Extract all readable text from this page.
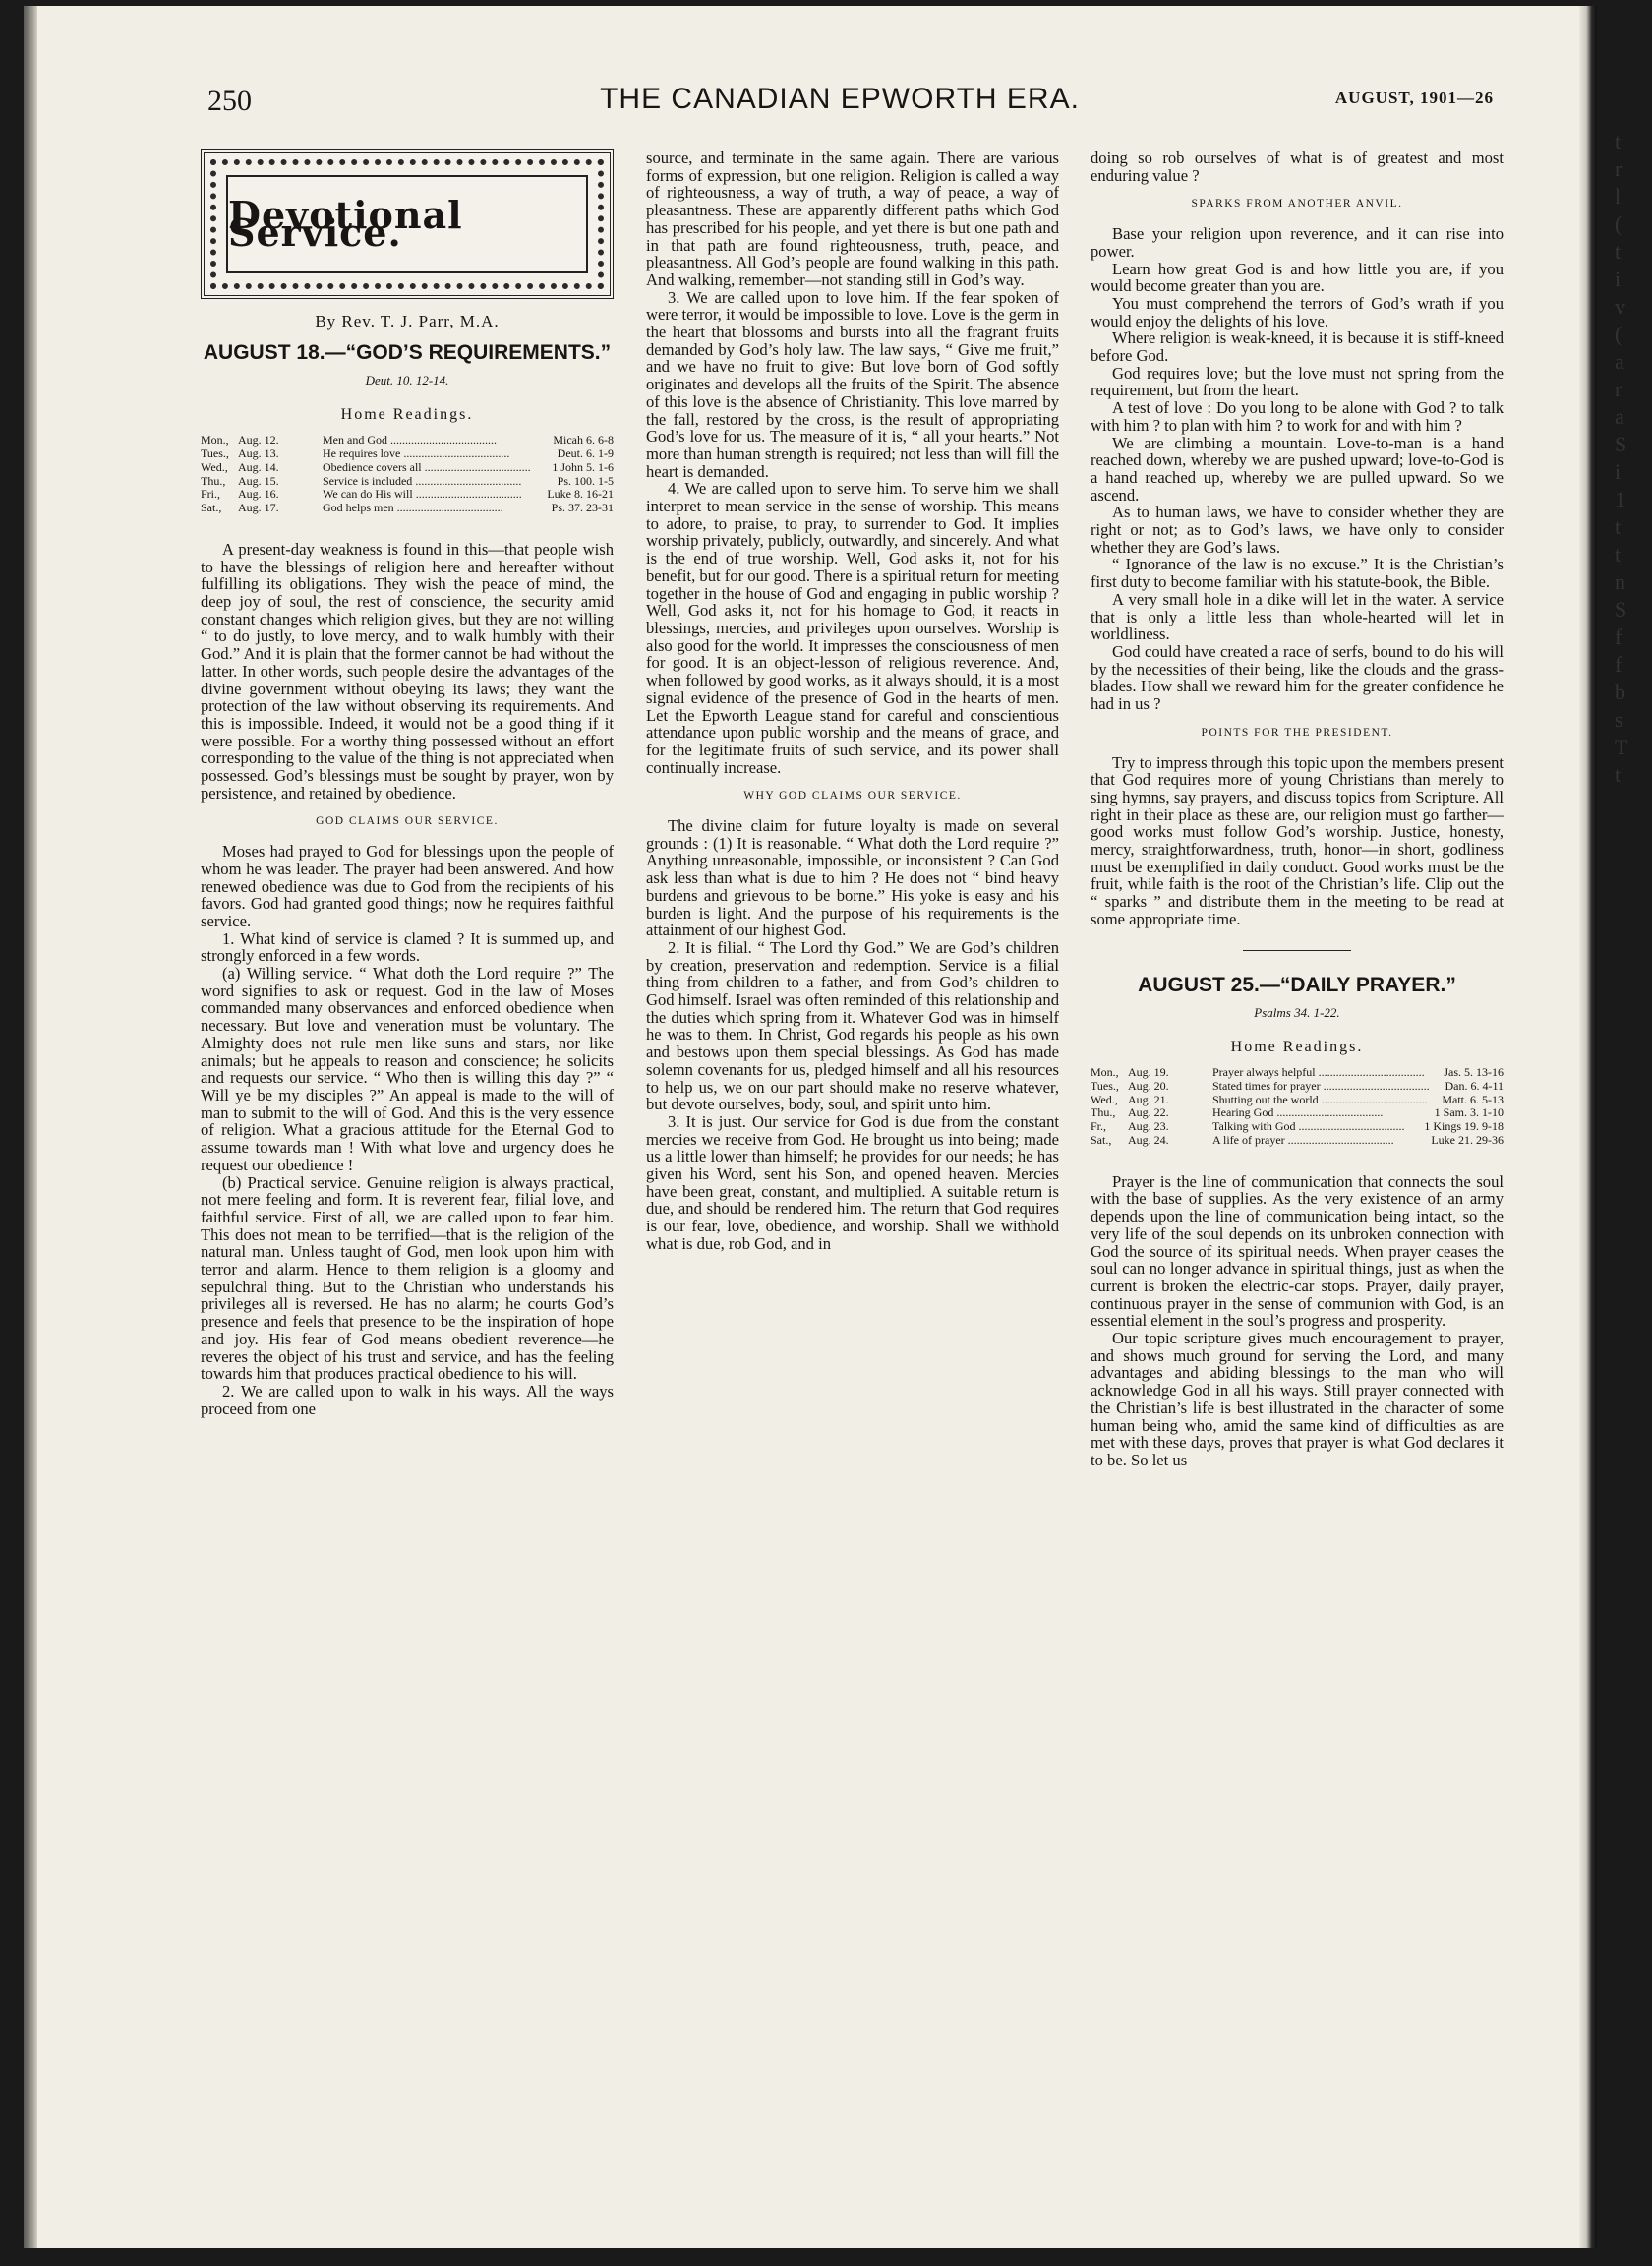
250	THE CANADIAN EPWORTH ERA.	AUGUST, 1901—26
Devotional Service.
By Rev. T. J. Parr, M.A.
AUGUST 18.—“GOD’S REQUIREMENTS.”
Deut. 10. 12-14.
Home Readings.
Mon., Aug. 12.	Men and God .....	Micah 6. 6-8
Tues., Aug. 13.	He requires love .....	Deut. 6. 1-9
Wed., Aug. 14.	Obedience covers all .....	1 John 5. 1-6
Thu.,	Aug. 15.	Service is included .....	Ps. 100. 1-5
Fri.,	Aug. 16.	We can do His will .....	Luke 8. 16-21
Sat.,	Aug. 17.	God helps men .....	Ps. 37. 23-31

A present-day weakness is found in this—that people wish to have the blessings of religion here and hereafter without fulfilling its obligations. They wish the peace of mind, the deep joy of soul, the rest of conscience, the security amid constant changes which religion gives, but they are not willing “ to do justly, to love mercy, and to walk humbly with their God.” And it is plain that the former cannot be had without the latter. In other words, such people desire the advantages of the divine government without obeying its laws; they want the protection of the law without observing its requirements. And this is impossible. Indeed, it would not be a good thing if it were possible. For a worthy thing possessed without an effort corresponding to the value of the thing is not appreciated when possessed. God’s blessings must be sought by prayer, won by persistence, and retained by obedience.

GOD CLAIMS OUR SERVICE.

Moses had prayed to God for blessings upon the people of whom he was leader. The prayer had been answered. And how renewed obedience was due to God from the recipients of his favors. God had granted good things; now he requires faithful service.

1. What kind of service is clamed ? It is summed up, and strongly enforced in a few words.

(a) Willing service. “ What doth the Lord require ?” The word signifies to ask or request. God in the law of Moses commanded many observances and enforced obedience when necessary. But love and veneration must be voluntary. The Almighty does not rule men like suns and stars, nor like animals; but he appeals to reason and conscience; he solicits and requests our service. “ Who then is willing this day ?” “ Will ye be my disciples ?” An appeal is made to the will of man to submit to the will of God. And this is the very essence of religion. What a gracious attitude for the Eternal God to assume towards man ! With what love and urgency does he request our obedience !

(b) Practical service. Genuine religion is always practical, not mere feeling and form. It is reverent fear, filial love, and faithful service. First of all, we are called upon to fear him. This does not mean to be terrified—that is the religion of the natural man. Unless taught of God, men look upon him with terror and alarm. Hence to them religion is a gloomy and sepulchral thing. But to the Christian who understands his privileges all is reversed. He has no alarm; he courts God’s presence and feels that presence to be the inspiration of hope and joy. His fear of God means obedient reverence—he reveres the object of his trust and service, and has the feeling towards him that produces practical obedience to his will.

2. We are called upon to walk in his ways. All the ways proceed from one

source, and terminate in the same again. There are various forms of expression, but one religion. Religion is called a way of righteousness, a way of truth, a way of peace, a way of pleasantness. These are apparently different paths which God has prescribed for his people, and yet there is but one path and in that path are found righteousness, truth, peace, and pleasantness. All God’s people are found walking in this path. And walking, remember—not standing still in God’s way.

3. We are called upon to love him. If the fear spoken of were terror, it would be impossible to love. Love is the germ in the heart that blossoms and bursts into all the fragrant fruits demanded by God’s holy law. The law says, “ Give me fruit,” and we have no fruit to give: But love born of God softly originates and develops all the fruits of the Spirit. The absence of this love is the absence of Christianity. This love marred by the fall, restored by the cross, is the result of appropriating God’s love for us. The measure of it is, “ all your hearts.” Not more than human strength is required; not less than will fill the heart is demanded.

4. We are called upon to serve him. To serve him we shall interpret to mean service in the sense of worship. This means to adore, to praise, to pray, to surrender to God. It implies worship privately, publicly, outwardly, and sincerely. And what is the end of true worship. Well, God asks it, not for his benefit, but for our good. There is a spiritual return for meeting together in the house of God and engaging in public worship ? Well, God asks it, not for his homage to God, it reacts in blessings, mercies, and privileges upon ourselves. Worship is also good for the world. It impresses the consciousness of men for good. It is an object-lesson of religious reverence. And, when followed by good works, as it always should, it is a most signal evidence of the presence of God in the hearts of men. Let the Epworth League stand for careful and conscientious attendance upon public worship and the means of grace, and for the legitimate fruits of such service, and its power shall continually increase.

WHY GOD CLAIMS OUR SERVICE.

The divine claim for future loyalty is made on several grounds : (1) It is reasonable. “ What doth the Lord require ?” Anything unreasonable, impossible, or inconsistent ? Can God ask less than what is due to him ? He does not “ bind heavy burdens and grievous to be borne.” His yoke is easy and his burden is light. And the purpose of his requirements is the attainment of our highest God.

2. It is filial. “ The Lord thy God.” We are God’s children by creation, preservation and redemption. Service is a filial thing from children to a father, and from God’s children to God himself. Israel was often reminded of this relationship and the duties which spring from it. Whatever God was in himself he was to them. In Christ, God regards his people as his own and bestows upon them special blessings. As God has made solemn covenants for us, pledged himself and all his resources to help us, we on our part should make no reserve whatever, but devote ourselves, body, soul, and spirit unto him.

3. It is just. Our service for God is due from the constant mercies we receive from God. He brought us into being; made us a little lower than himself; he provides for our needs; he has given his Word, sent his Son, and opened heaven. Mercies have been great, constant, and multiplied. A suitable return is due, and should be rendered him. The return that God requires is our fear, love, obedience, and worship. Shall we withhold what is due, rob God, and in

doing so rob ourselves of what is of greatest and most enduring value ?

SPARKS FROM ANOTHER ANVIL.

Base your religion upon reverence, and it can rise into power.

Learn how great God is and how little you are, if you would become greater than you are.

You must comprehend the terrors of God’s wrath if you would enjoy the delights of his love.

Where religion is weak-kneed, it is because it is stiff-kneed before God.

God requires love; but the love must not spring from the requirement, but from the heart.

A test of love : Do you long to be alone with God ? to talk with him ? to plan with him ? to work for and with him ?

We are climbing a mountain. Love-to-man is a hand reached down, whereby we are pushed upward; love-to-God is a hand reached up, whereby we are pulled upward. So we ascend.

As to human laws, we have to consider whether they are right or not; as to God’s laws, we have only to consider whether they are God’s laws.

“ Ignorance of the law is no excuse.” It is the Christian’s first duty to become familiar with his statute-book, the Bible.

A very small hole in a dike will let in the water. A service that is only a little less than whole-hearted will let in worldliness.

God could have created a race of serfs, bound to do his will by the necessities of their being, like the clouds and the grass-blades. How shall we reward him for the greater confidence he had in us ?

POINTS FOR THE PRESIDENT.

Try to impress through this topic upon the members present that God requires more of young Christians than merely to sing hymns, say prayers, and discuss topics from Scripture. All right in their place as these are, our religion must go farther—good works must follow God’s worship. Justice, honesty, mercy, straightforwardness, truth, honor—in short, godliness must be exemplified in daily conduct. Good works must be the fruit, while faith is the root of the Christian’s life. Clip out the “ sparks ” and distribute them in the meeting to be read at some appropriate time.

AUGUST 25.—“DAILY PRAYER.”
Psalms 34. 1-22.
Home Readings.
Mon., Aug. 19.	Prayer always helpful .....	Jas. 5. 13-16
Tues., Aug. 20.	Stated times for prayer .....	Dan. 6. 4-11
Wed., Aug. 21.	Shutting out the world .....	Matt. 6. 5-13
Thu.,	Aug. 22.	Hearing God .....	1 Sam. 3. 1-10
Fr.,	Aug. 23.	Talking with God .....	1 Kings 19. 9-18
Sat.,	Aug. 24.	A life of prayer .....	Luke 21. 29-36

Prayer is the line of communication that connects the soul with the base of supplies. As the very existence of an army depends upon the line of communication being intact, so the very life of the soul depends on its unbroken connection with God the source of its spiritual needs. When prayer ceases the soul can no longer advance in spiritual things, just as when the current is broken the electric-car stops. Prayer, daily prayer, continuous prayer in the sense of communion with God, is an essential element in the soul’s progress and prosperity.

Our topic scripture gives much encouragement to prayer, and shows much ground for serving the Lord, and many advantages and abiding blessings to the man who will acknowledge God in all his ways. Still prayer connected with the Christian’s life is best illustrated in the character of some human being who, amid the same kind of difficulties as are met with these days, proves that prayer is what God declares it to be. So let us

t
r
l
(
t
i
v
(
a
r
a
S
i
1
t
t
n
S
f
f
b
s
T
t
